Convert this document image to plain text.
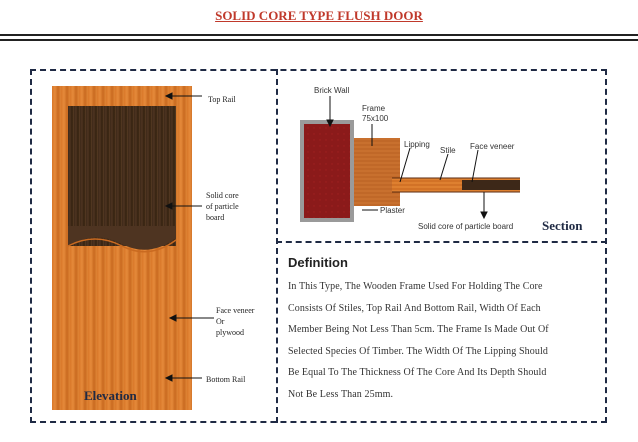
SOLID CORE TYPE FLUSH DOOR
Top Rail
Solid core
of particle
board
Face veneer
Or
plywood
Bottom Rail
Elevation
Brick Wall
Frame
75x100
Lipping
Stile Face veneer
Plaster
Solid core of particle board Section
Definition
In This Type, The Wooden Frame Used For Holding The Core
Consists Of Stiles, Top Rail And Bottom Rail, Width Of Each
Member Being Not Less Than 5cm. The Frame Is Made Out Of
Selected Species Of Timber. The Width Of The Lipping Should
Be Equal To The Thickness Of The Core And Its Depth Should
Not Be Less Than 25mm.
